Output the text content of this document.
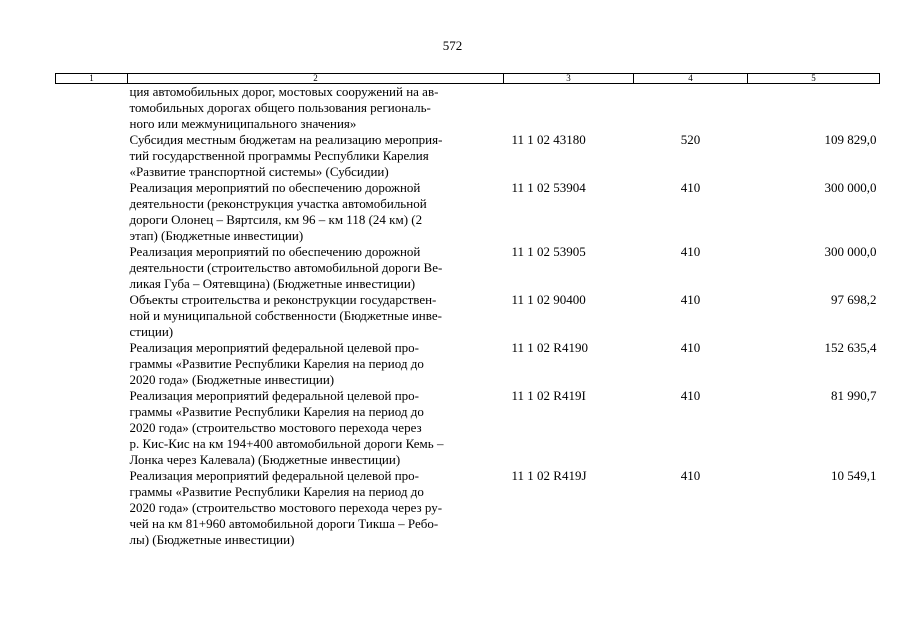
572
1	2	3	4	5

	ция автомобильных дорог, мостовых сооружений на ав-
томобильных дорогах общего пользования региональ-
ного или межмуниципального значения»			

	Субсидия местным бюджетам на реализацию мероприя-
тий государственной программы Республики Карелия
«Развитие транспортной системы» (Субсидии)	11 1 02 43180	520	109 829,0

	Реализация мероприятий по обеспечению дорожной
деятельности (реконструкция участка автомобильной
дороги Олонец – Вяртсиля, км 96 – км 118 (24 км) (2
этап) (Бюджетные инвестиции)	11 1 02 53904	410	300 000,0

	Реализация мероприятий по обеспечению дорожной
деятельности (строительство автомобильной дороги Ве-
ликая Губа – Оятевщина) (Бюджетные инвестиции)	11 1 02 53905	410	300 000,0

	Объекты строительства и реконструкции государствен-
ной и муниципальной собственности (Бюджетные инве-
стиции)	11 1 02 90400	410	97 698,2

	Реализация мероприятий федеральной целевой про-
граммы «Развитие Республики Карелия на период до
2020 года» (Бюджетные инвестиции)	11 1 02 R4190	410	152 635,4

	Реализация мероприятий федеральной целевой про-
граммы «Развитие Республики Карелия на период до
2020 года» (строительство мостового перехода через
р. Кис-Кис на км 194+400 автомобильной дороги Кемь –
Лонка через Калевала) (Бюджетные инвестиции)	11 1 02 R419I	410	81 990,7

	Реализация мероприятий федеральной целевой про-
граммы «Развитие Республики Карелия на период до
2020 года» (строительство мостового перехода через ру-
чей на км 81+960 автомобильной дороги Тикша – Ребо-
лы) (Бюджетные инвестиции)	11 1 02 R419J	410	10 549,1
